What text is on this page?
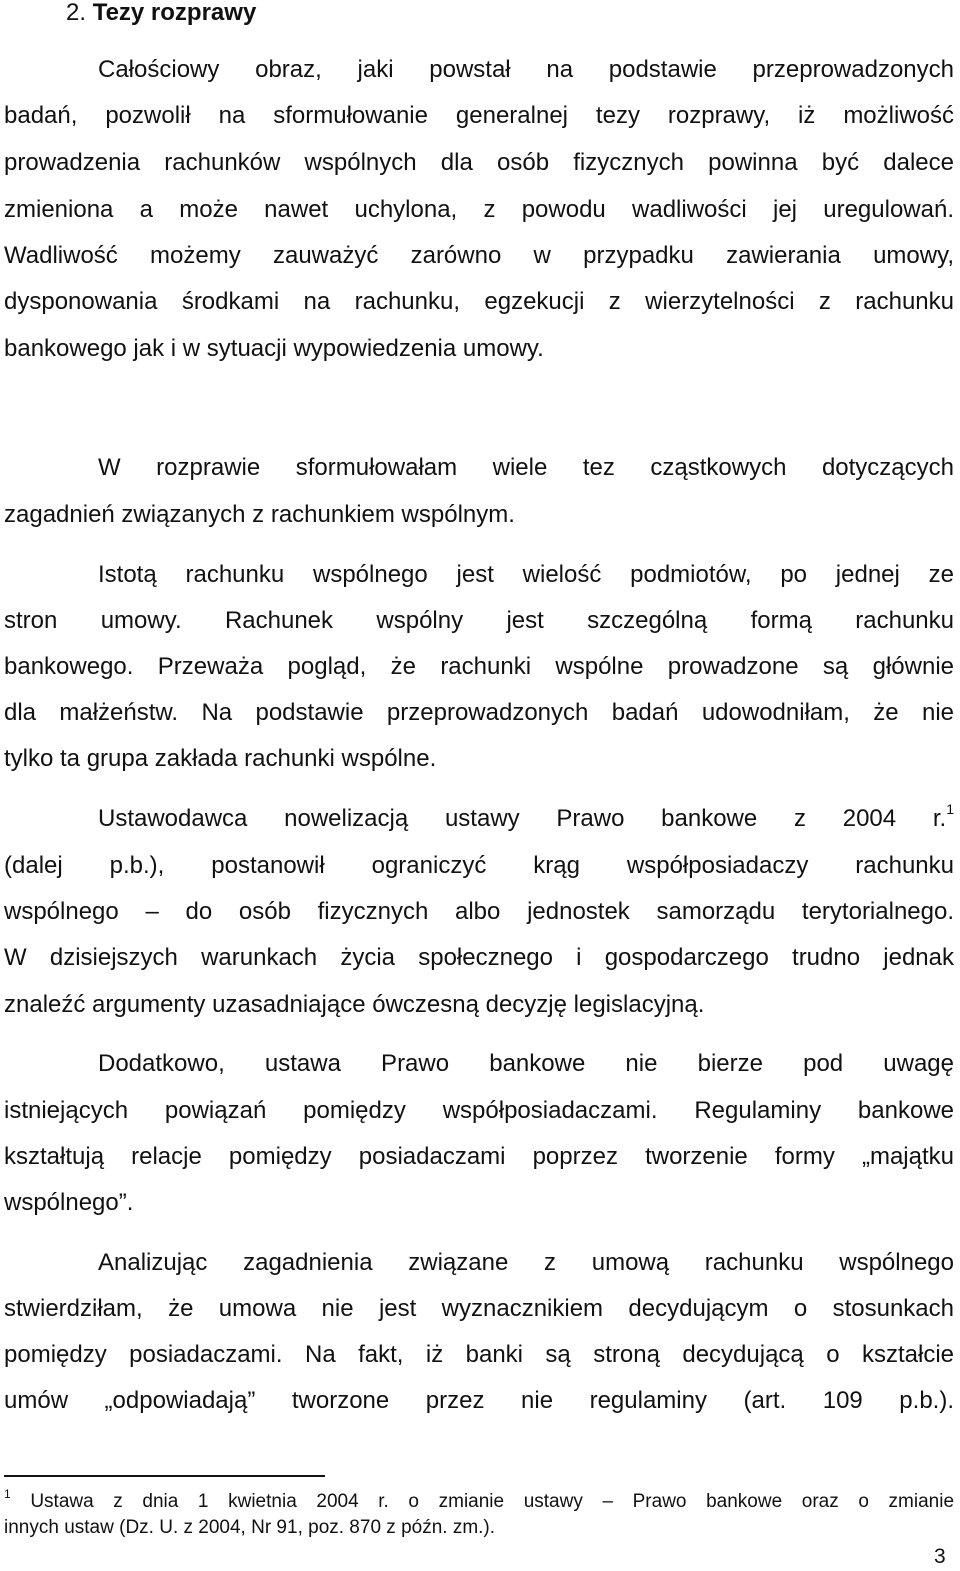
2. Tezy rozprawy
Całościowy obraz, jaki powstał na podstawie przeprowadzonych
badań, pozwolił na sformułowanie generalnej tezy rozprawy, iż możliwość
prowadzenia rachunków wspólnych dla osób fizycznych powinna być dalece
zmieniona a może nawet uchylona, z powodu wadliwości jej uregulowań.
Wadliwość możemy zauważyć zarówno w przypadku zawierania umowy,
dysponowania środkami na rachunku, egzekucji z wierzytelności z rachunku
bankowego jak i w sytuacji wypowiedzenia umowy.
W rozprawie sformułowałam wiele tez cząstkowych dotyczących
zagadnień związanych z rachunkiem wspólnym.
Istotą rachunku wspólnego jest wielość podmiotów, po jednej ze
stron umowy. Rachunek wspólny jest szczególną formą rachunku
bankowego. Przeważa pogląd, że rachunki wspólne prowadzone są głównie
dla małżeństw. Na podstawie przeprowadzonych badań udowodniłam, że nie
tylko ta grupa zakłada rachunki wspólne.
Ustawodawca nowelizacją ustawy Prawo bankowe z 2004 r.$^1$
(dalej p.b.), postanowił ograniczyć krąg współposiadaczy rachunku
wspólnego – do osób fizycznych albo jednostek samorządu terytorialnego.
W dzisiejszych warunkach życia społecznego i gospodarczego trudno jednak
znaleźć argumenty uzasadniające ówczesną decyzję legislacyjną.
Dodatkowo, ustawa Prawo bankowe nie bierze pod uwagę
istniejących powiązań pomiędzy współposiadaczami. Regulaminy bankowe
kształtują relacje pomiędzy posiadaczami poprzez tworzenie formy „majątku
wspólnego”.
Analizując zagadnienia związane z umową rachunku wspólnego
stwierdziłam, że umowa nie jest wyznacznikiem decydującym o stosunkach
pomiędzy posiadaczami. Na fakt, iż banki są stroną decydującą o kształcie
umów „odpowiadają” tworzone przez nie regulaminy (art. 109 p.b.).
$^1$ Ustawa z dnia 1 kwietnia 2004 r. o zmianie ustawy – Prawo bankowe oraz o zmianie
innych ustaw (Dz. U. z 2004, Nr 91, poz. 870 z późn. zm.).
3
